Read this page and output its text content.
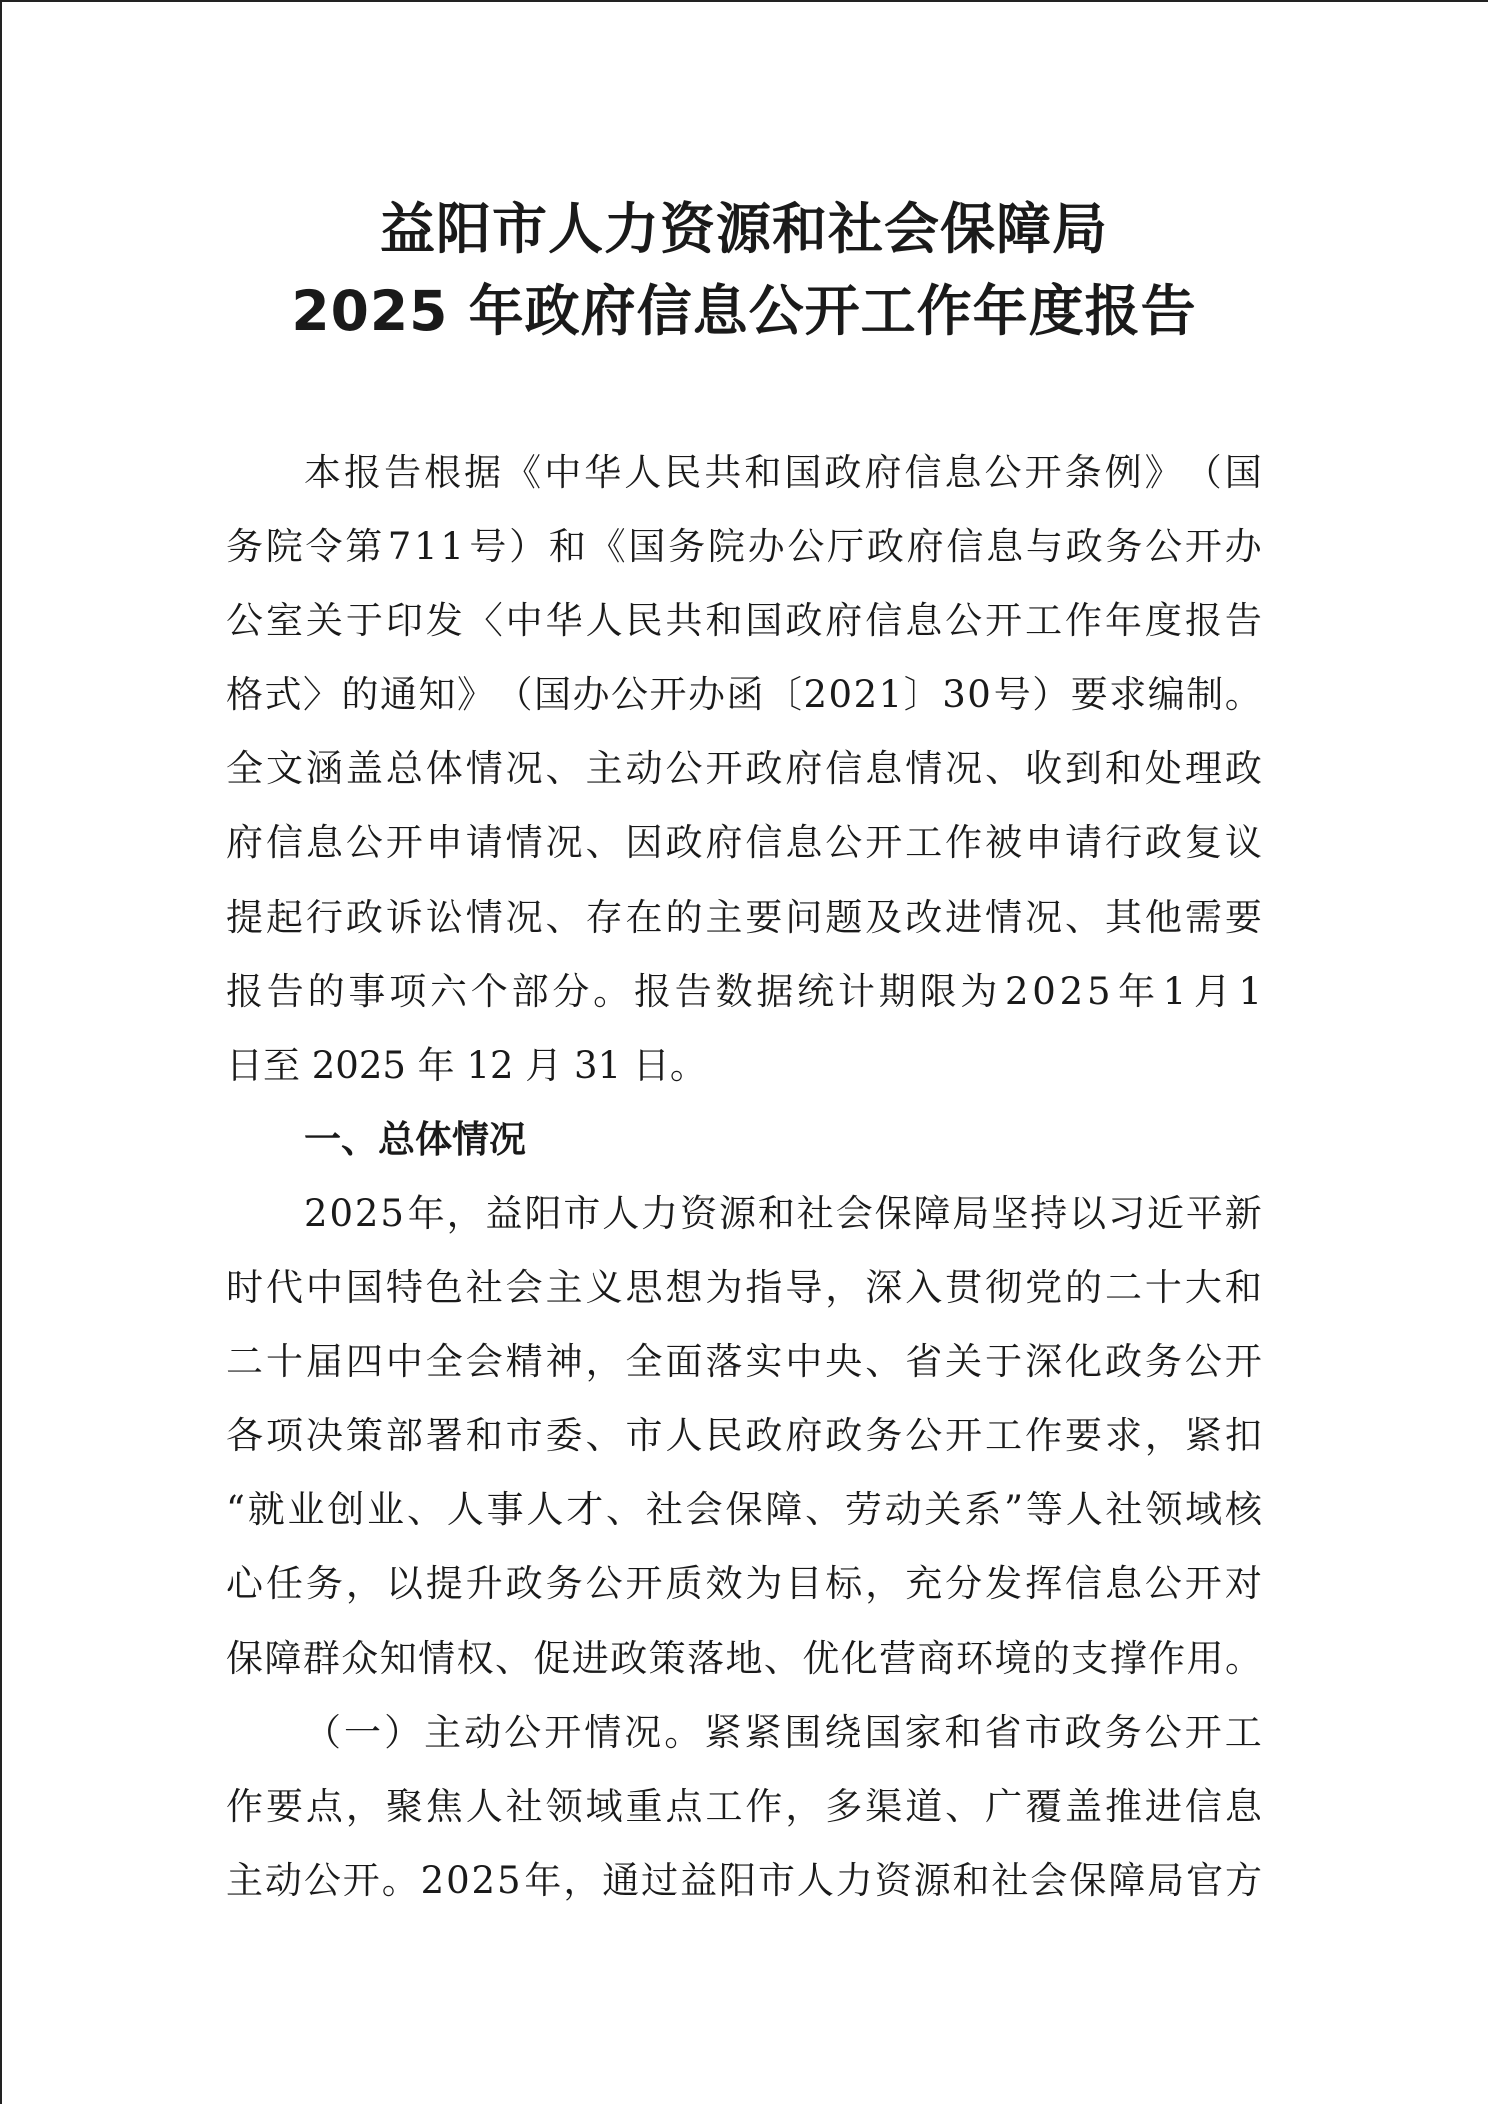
益阳市人力资源和社会保障局
2025 年政府信息公开工作年度报告
本 报 告 根 据 《 中 华 人 民 共 和 国 政 府 信 息 公 开 条 例 》 （ 国
务 院 令 第 7 1 1 号 ） 和 《 国 务 院 办 公 厅 政 府 信 息 与 政 务 公 开 办
公 室 关 于 印 发 〈 中 华 人 民 共 和 国 政 府 信 息 公 开 工 作 年 度 报 告
格 式 〉 的 通 知 》 （ 国 办 公 开 办 函 〔 2 0 2 1 〕 3 0 号 ） 要 求 编 制 。
全 文 涵 盖 总 体 情 况 、 主 动 公 开 政 府 信 息 情 况 、 收 到 和 处 理 政
府 信 息 公 开 申 请 情 况 、 因 政 府 信 息 公 开 工 作 被 申 请 行 政 复 议
提 起 行 政 诉 讼 情 况 、 存 在 的 主 要 问 题 及 改 进 情 况 、 其 他 需 要
报 告 的 事 项 六 个 部 分 。 报 告 数 据 统 计 期 限 为 2 0 2 5 年 1 月 1
日至 2025 年 12 月 31 日。
一、总体情况
2 0 2 5 年 ， 益 阳 市 人 力 资 源 和 社 会 保 障 局 坚 持 以 习 近 平 新
时 代 中 国 特 色 社 会 主 义 思 想 为 指 导 ， 深 入 贯 彻 党 的 二 十 大 和
二 十 届 四 中 全 会 精 神 ， 全 面 落 实 中 央 、 省 关 于 深 化 政 务 公 开
各 项 决 策 部 署 和 市 委 、 市 人 民 政 府 政 务 公 开 工 作 要 求 ， 紧 扣
“ 就 业 创 业 、 人 事 人 才 、 社 会 保 障 、 劳 动 关 系 ” 等 人 社 领 域 核
心 任 务 ， 以 提 升 政 务 公 开 质 效 为 目 标 ， 充 分 发 挥 信 息 公 开 对
保 障 群 众 知 情 权 、 促 进 政 策 落 地 、 优 化 营 商 环 境 的 支 撑 作 用 。
（ 一 ） 主 动 公 开 情 况 。 紧 紧 围 绕 国 家 和 省 市 政 务 公 开 工
作 要 点 ， 聚 焦 人 社 领 域 重 点 工 作 ， 多 渠 道 、 广 覆 盖 推 进 信 息
主 动 公 开 。 2 0 2 5 年 ， 通 过 益 阳 市 人 力 资 源 和 社 会 保 障 局 官 方
